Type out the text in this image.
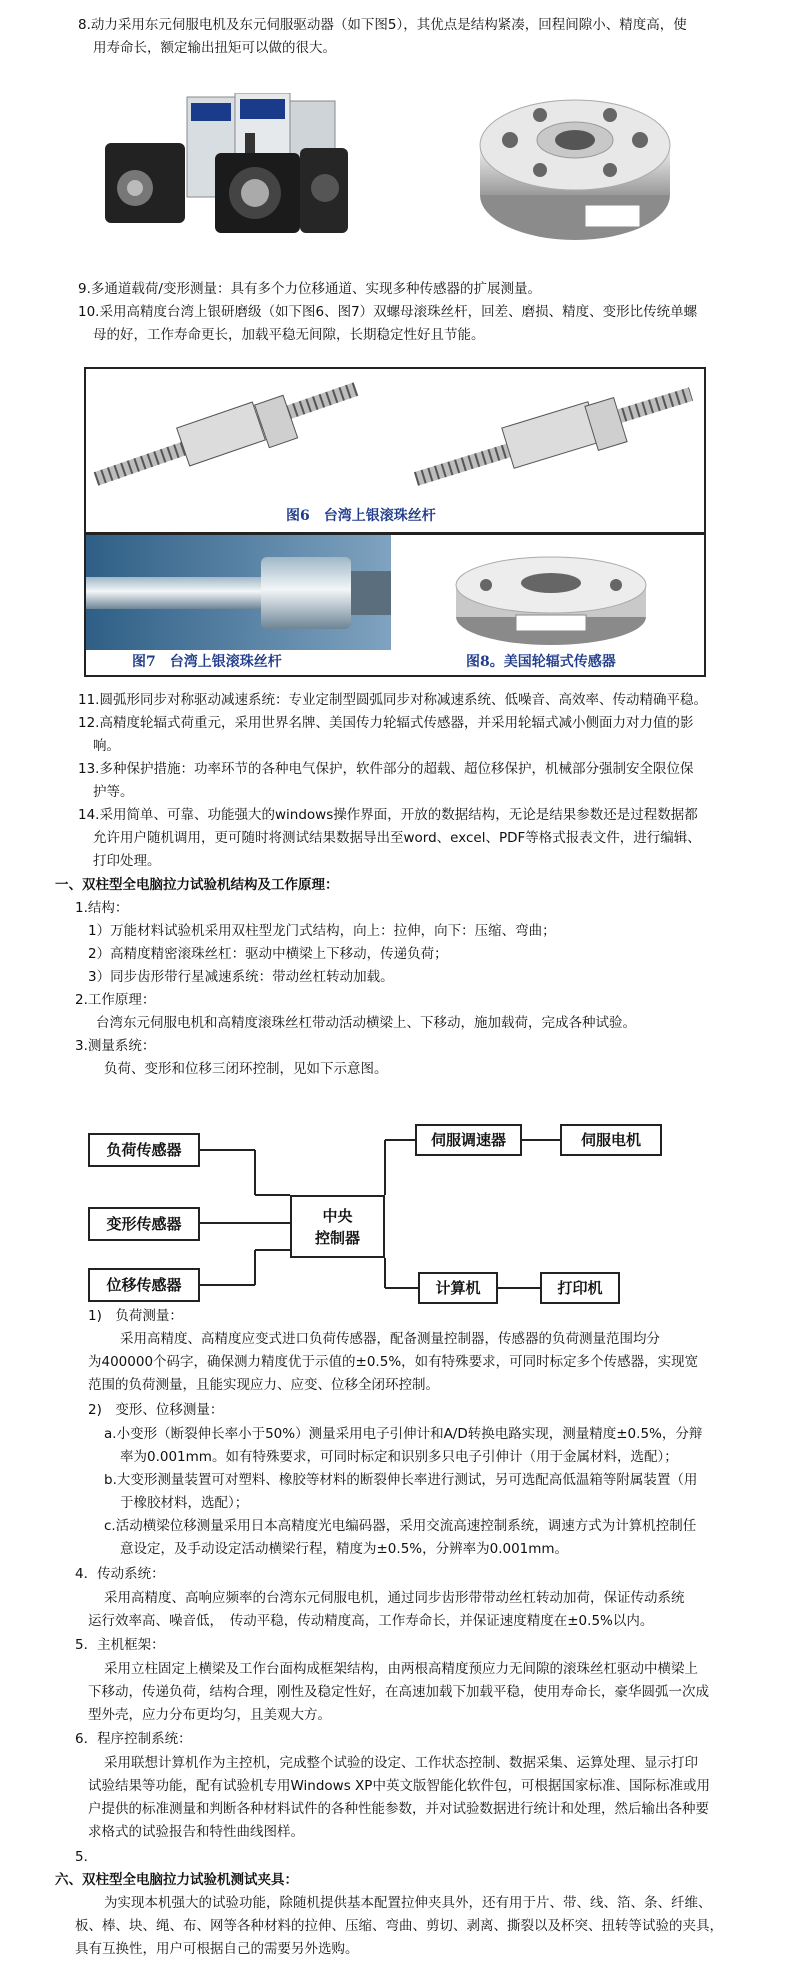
8.动力采用东元伺服电机及东元伺服驱动器（如下图5），其优点是结构紧凑，回程间隙小、精度高，使
用寿命长，额定输出扭矩可以做的很大。
9.多通道载荷/变形测量：具有多个力位移通道、实现多种传感器的扩展测量。
10.采用高精度台湾上银研磨级（如下图6、图7）双螺母滚珠丝杆，回差、磨损、精度、变形比传统单螺
母的好，工作寿命更长，加载平稳无间隙，长期稳定性好且节能。
图6　台湾上银滚珠丝杆
图7　台湾上银滚珠丝杆	图8。美国轮辐式传感器
11.圆弧形同步对称驱动减速系统：专业定制型圆弧同步对称减速系统、低噪音、高效率、传动精确平稳。
12.高精度轮辐式荷重元，采用世界名牌、美国传力轮辐式传感器，并采用轮辐式减小侧面力对力值的影
响。
13.多种保护措施：功率环节的各种电气保护，软件部分的超载、超位移保护，机械部分强制安全限位保
护等。
14.采用简单、可靠、功能强大的windows操作界面，开放的数据结构，无论是结果参数还是过程数据都
允许用户随机调用，更可随时将测试结果数据导出至word、excel、PDF等格式报表文件，进行编辑、
打印处理。
一、双柱型全电脑拉力试验机结构及工作原理：
1.结构：
1）万能材料试验机采用双柱型龙门式结构，向上：拉伸，向下：压缩、弯曲；
2）高精度精密滚珠丝杠：驱动中横梁上下移动，传递负荷；
3）同步齿形带行星减速系统：带动丝杠转动加载。
2.工作原理：
台湾东元伺服电机和高精度滚珠丝杠带动活动横梁上、下移动，施加载荷，完成各种试验。
3.测量系统：
负荷、变形和位移三闭环控制，见如下示意图。
负荷传感器
变形传感器
位移传感器
中央
控制器
伺服调速器	伺服电机
计算机	打印机
1)　负荷测量：
采用高精度、高精度应变式进口负荷传感器，配备测量控制器，传感器的负荷测量范围均分
为400000个码字，确保测力精度优于示值的±0.5%，如有特殊要求，可同时标定多个传感器，实现宽
范围的负荷测量，且能实现应力、应变、位移全闭环控制。
2)　变形、位移测量：
a.小变形（断裂伸长率小于50%）测量采用电子引伸计和A/D转换电路实现，测量精度±0.5%，分辩
率为0.001mm。如有特殊要求，可同时标定和识别多只电子引伸计（用于金属材料，选配）；
b.大变形测量装置可对塑料、橡胶等材料的断裂伸长率进行测试，另可选配高低温箱等附属装置（用
于橡胶材料，选配）；
c.活动横梁位移测量采用日本高精度光电编码器，采用交流高速控制系统，调速方式为计算机控制任
意设定，及手动设定活动横梁行程，精度为±0.5%，分辨率为0.001mm。
4．传动系统：
采用高精度、高响应频率的台湾东元伺服电机，通过同步齿形带带动丝杠转动加荷，保证传动系统
运行效率高、噪音低，　传动平稳，传动精度高，工作寿命长，并保证速度精度在±0.5%以内。
5．主机框架：
采用立柱固定上横梁及工作台面构成框架结构，由两根高精度预应力无间隙的滚珠丝杠驱动中横梁上
下移动，传递负荷，结构合理，刚性及稳定性好，在高速加载下加载平稳，使用寿命长，豪华圆弧一次成
型外壳，应力分布更均匀，且美观大方。
6．程序控制系统：
采用联想计算机作为主控机，完成整个试验的设定、工作状态控制、数据采集、运算处理、显示打印
试验结果等功能，配有试验机专用Windows XP中英文版智能化软件包，可根据国家标准、国际标准或用
户提供的标准测量和判断各种材料试件的各种性能参数，并对试验数据进行统计和处理，然后输出各种要
求格式的试验报告和特性曲线图样。
5．
六、双柱型全电脑拉力试验机测试夹具：
为实现本机强大的试验功能，除随机提供基本配置拉伸夹具外，还有用于片、带、线、箔、条、纤维、
板、棒、块、绳、布、网等各种材料的拉伸、压缩、弯曲、剪切、剥离、撕裂以及杯突、扭转等试验的夹具，
具有互换性，用户可根据自己的需要另外选购。
